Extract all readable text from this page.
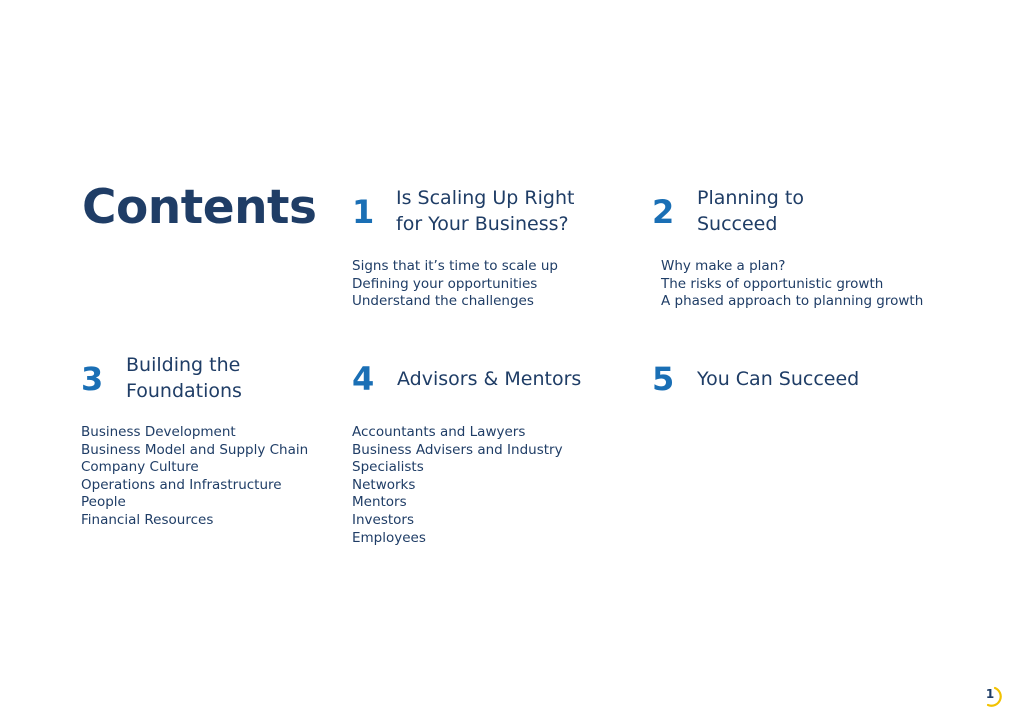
Contents 1 Is Scaling Up Right
for Your Business?
Signs that it’s time to scale up
Defining your opportunities
Understand the challenges
2 Planning to
Succeed
Why make a plan?
The risks of opportunistic growth
A phased approach to planning growth
3 Building the
Foundations
Business Development
Business Model and Supply Chain
Company Culture
Operations and Infrastructure
People
Financial Resources
4 Advisors & Mentors
Accountants and Lawyers
Business Advisers and Industry
Specialists
Networks
Mentors
Investors
Employees
5 You Can Succeed
1
